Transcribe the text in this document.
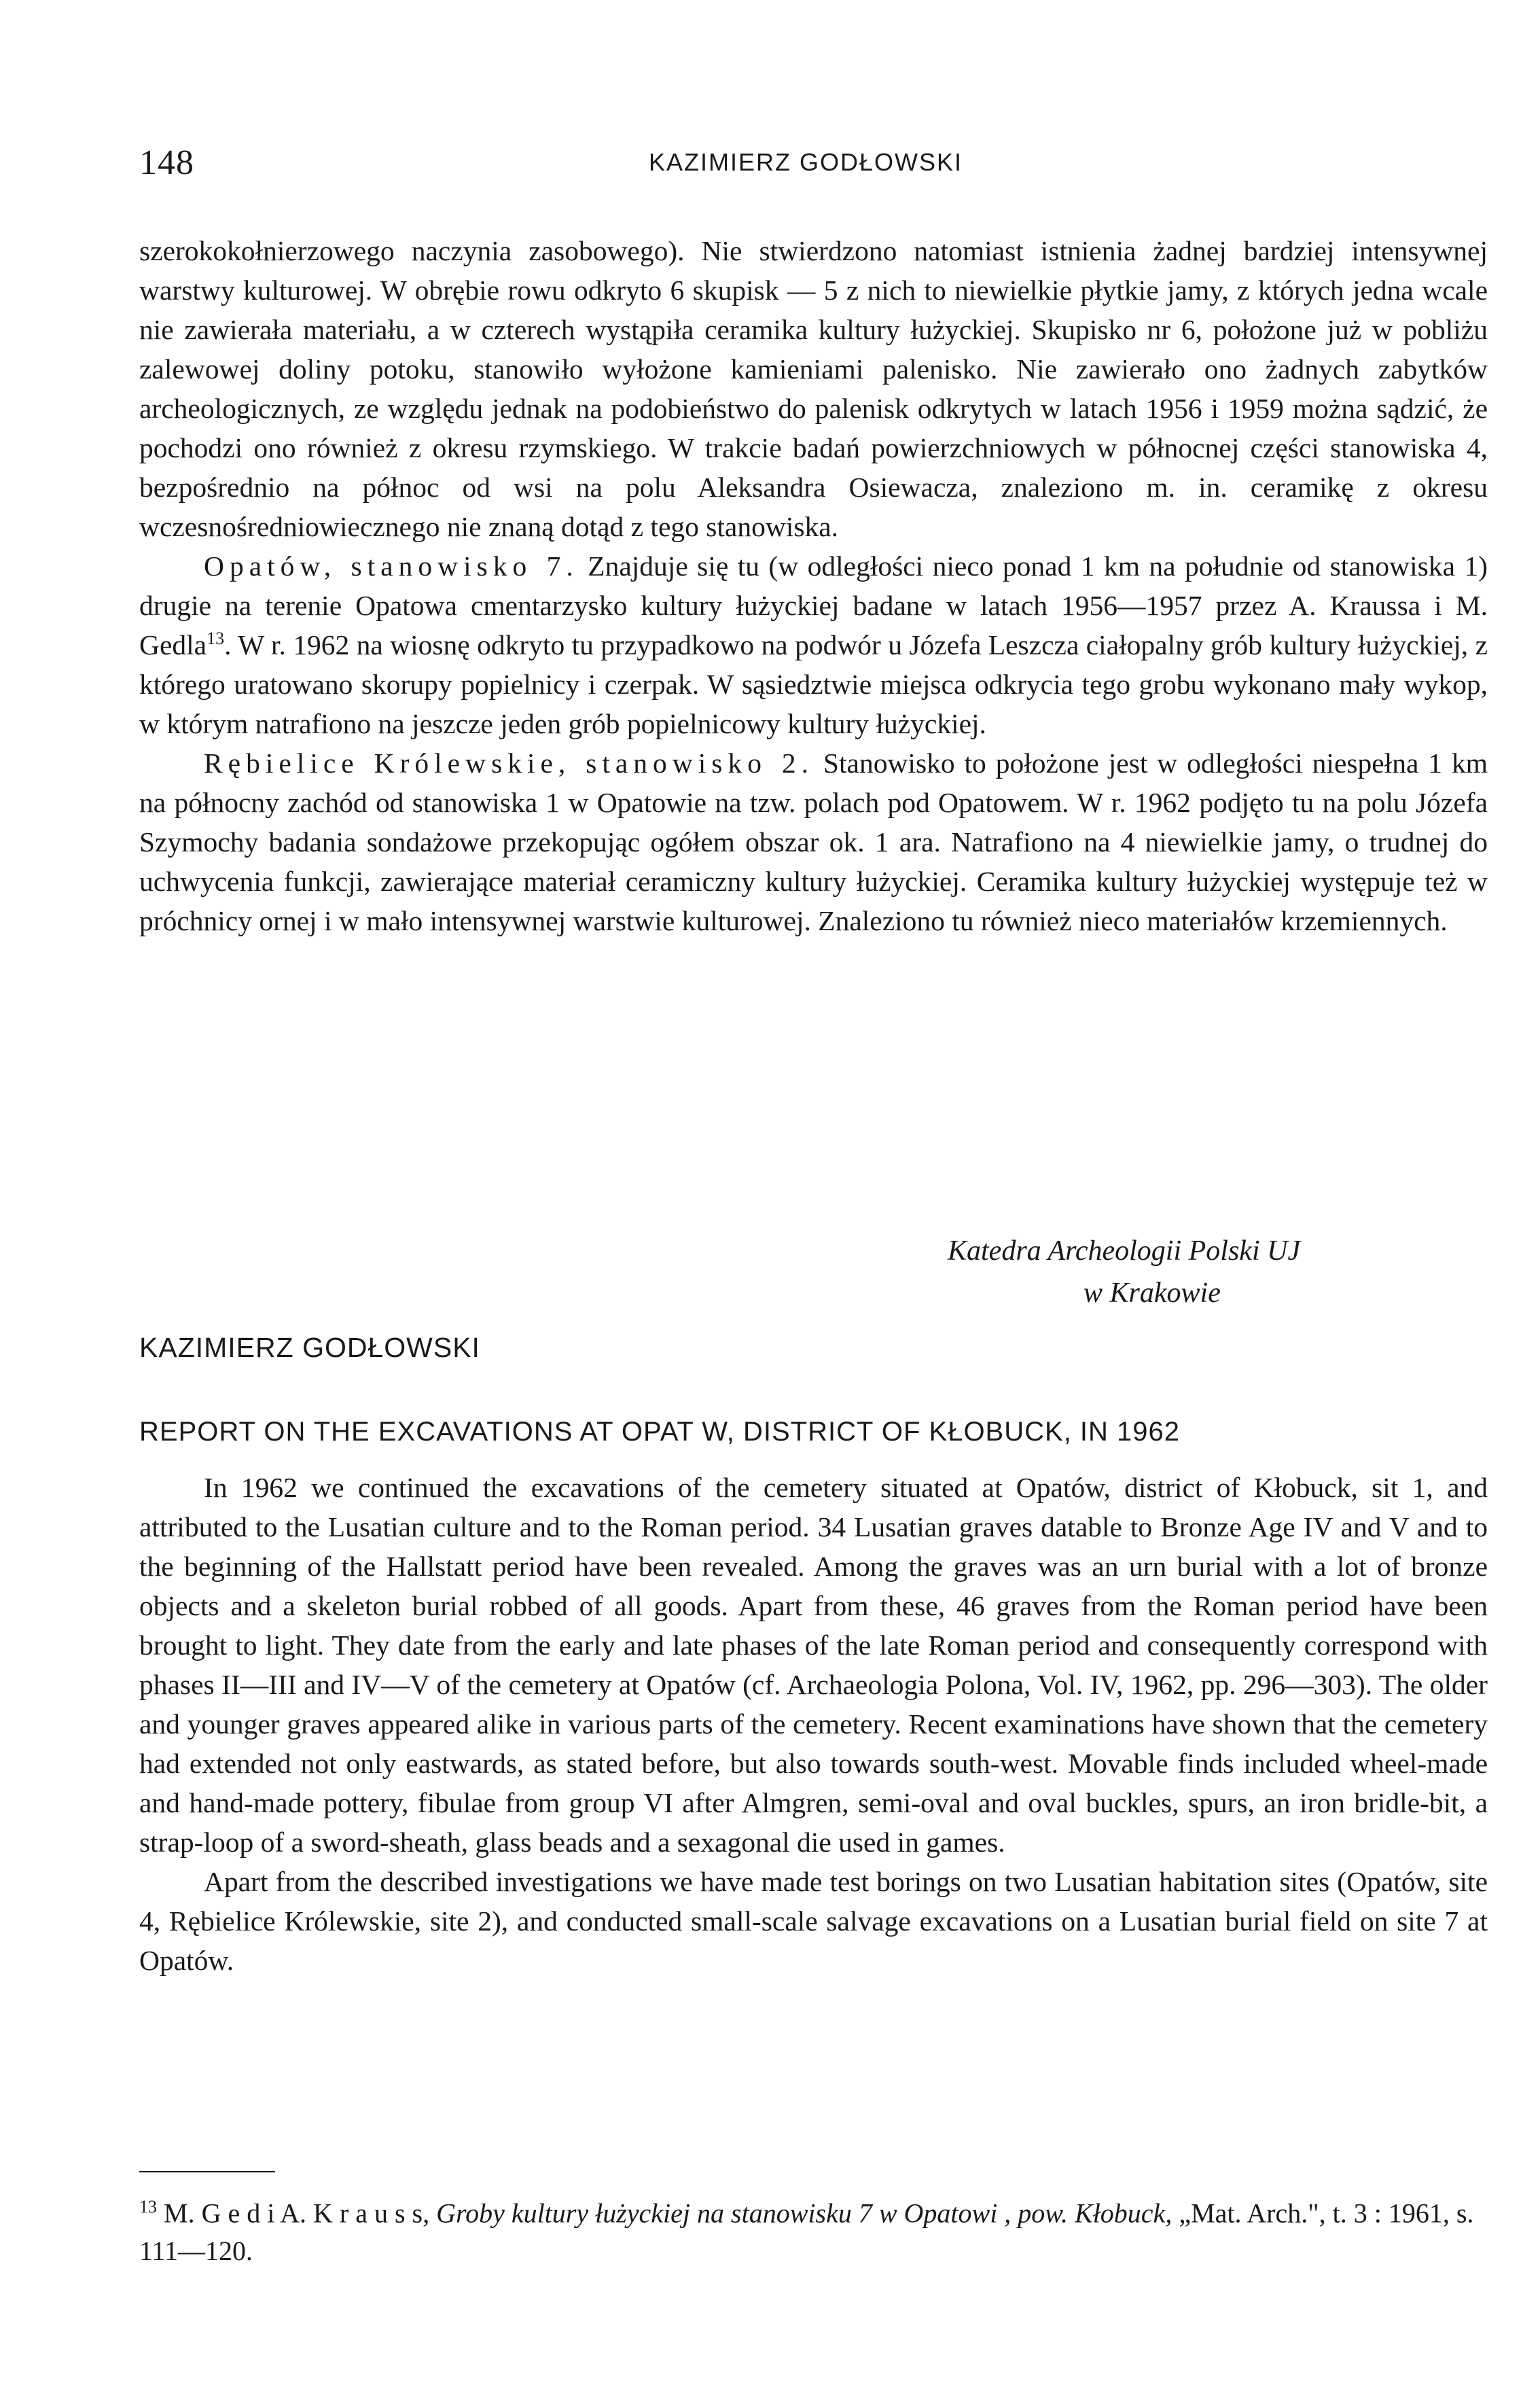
148	KAZIMIERZ GODŁOWSKI

szerokokołnierzowego naczynia zasobowego). Nie stwierdzono natomiast istnienia żadnej bardziej intensywnej warstwy kulturowej. W obrębie rowu odkryto 6 skupisk — 5 z nich to niewielkie płytkie jamy, z których jedna wcale nie zawierała materiału, a w czterech wystąpiła ceramika kultury łużyckiej. Skupisko nr 6, położone już w pobliżu zalewowej doliny potoku, stanowiło wyłożone kamieniami palenisko. Nie zawierało ono żadnych zabytków archeologicznych, ze względu jednak na podobieństwo do palenisk odkrytych w latach 1956 i 1959 można sądzić, że pochodzi ono również z okresu rzymskiego. W trakcie badań powierzchniowych w północnej części stanowiska 4, bezpośrednio na północ od wsi na polu Aleksandra Osiewacza, znaleziono m. in. ceramikę z okresu wczesnośredniowiecznego nie znaną dotąd z tego stanowiska.

Opatów, stanowisko 7. Znajduje się tu (w odległości nieco ponad 1 km na południe od stanowiska 1) drugie na terenie Opatowa cmentarzysko kultury łużyckiej badane w latach 1956—1957 przez A. Kraussa i M. Gedla$^{13}$. W r. 1962 na wiosnę odkryto tu przypadkowo na podwór u Józefa Leszcza ciałopalny grób kultury łużyckiej, z którego uratowano skorupy popielnicy i czerpak. W sąsiedztwie miejsca odkrycia tego grobu wykonano mały wykop, w którym natrafiono na jeszcze jeden grób popielnicowy kultury łużyckiej.

Rębielice Królewskie, stanowisko 2. Stanowisko to położone jest w odległości niespełna 1 km na północny zachód od stanowiska 1 w Opatowie na tzw. polach pod Opatowem. W r. 1962 podjęto tu na polu Józefa Szymochy badania sondażowe przekopując ogółem obszar ok. 1 ara. Natrafiono na 4 niewielkie jamy, o trudnej do uchwycenia funkcji, zawierające materiał ceramiczny kultury łużyckiej. Ceramika kultury łużyckiej występuje też w próchnicy ornej i w mało intensywnej warstwie kulturowej. Znaleziono tu również nieco materiałów krzemiennych.

Katedra Archeologii Polski UJ
w Krakowie
KAZIMIERZ GODŁOWSKI
REPORT ON THE EXCAVATIONS AT OPAT W, DISTRICT OF KŁOBUCK, IN 1962

In 1962 we continued the excavations of the cemetery situated at Opatów, district of Kłobuck, sit 1, and attributed to the Lusatian culture and to the Roman period. 34 Lusatian graves datable to Bronze Age IV and V and to the beginning of the Hallstatt period have been revealed. Among the graves was an urn burial with a lot of bronze objects and a skeleton burial robbed of all goods. Apart from these, 46 graves from the Roman period have been brought to light. They date from the early and late phases of the late Roman period and consequently correspond with phases II—III and IV—V of the cemetery at Opatów (cf. Archaeologia Polona, Vol. IV, 1962, pp. 296—303). The older and younger graves appeared alike in various parts of the cemetery. Recent examinations have shown that the cemetery had extended not only eastwards, as stated before, but also towards south-west. Movable finds included wheel-made and hand-made pottery, fibulae from group VI after Almgren, semi-oval and oval buckles, spurs, an iron bridle-bit, a strap-loop of a sword-sheath, glass beads and a sexagonal die used in games.

Apart from the described investigations we have made test borings on two Lusatian habitation sites (Opatów, site 4, Rębielice Królewskie, site 2), and conducted small-scale salvage excavations on a Lusatian burial field on site 7 at Opatów.

$^{13}$ M. G e d i A. K r a u s s, Groby kultury łużyckiej na stanowisku 7 w Opatowi , pow. Kłobuck, „Mat. Arch.", t. 3 : 1961, s. 111—120.
